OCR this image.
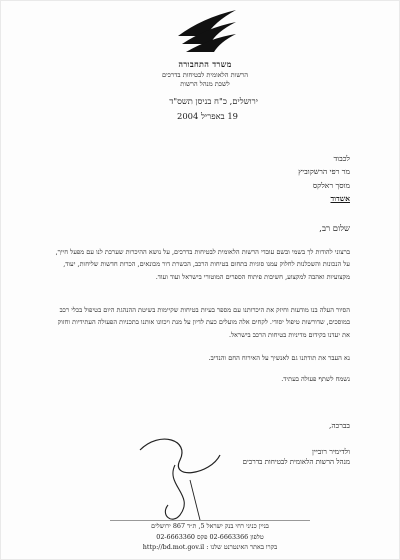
משרד התחבורה
הרשות הלאומית לבטיחות בדרכים
לשכת מנהל הרשות
ירושלים, כ"ח בניסן תשס"ד
19 באפריל 2004
לכבוד
מר רפי הרשקוביץ
מוסך ראלקס
אשדוד
שלום רב,
ברצוני להודות לך בשמי ובשם עובדי הרשות הלאומית לבטיחות בדרכים, על נושא ההיכרות שערכת לנו עם מפעל חייך, על הנכונות והשכלנות לחלוק עמנו סוגיות בתחום בטיחות הרכב, הכשרת דור מכונאים, הכרות חדשות שליחות, יעוד, מקצועיות ואהבה למקצוע, חשיבות פיתוח הספרים המוטורי בישראל ועוד ועוד.
הסיור העלה בנו מודעות וחיזק את היכרותנו עם מספר בעיות בטיחות שקיימות בשיטת ההנהגת היום בטיפול בכלי רכב במוסכים, שדורשות טיפול יסודי. לקחים אלה מועלים כעת לדיון על מנת ויכוונו אותנו בתכניות הפעולה העתידיות וחזוק את יעדנו בקידום מדיניות בטיחות הרכב בישראל.
נא העבר את תודתנו גם לאנשיך על האירוח החם והנדיב.
נשמח לשתף פעולה בעתיד.
בברכה,
ולדימיר רוביין
מנהל הרשות הלאומית לבטיחות בדרכים
בניין כניני רחי בנק ישראל 5, ת״ד 867 ירושלים
טלפון 02-6663366 פקס 02-6663360
בקרו באתר האינטרנט שלנו : http://bd.mot.gov.il
